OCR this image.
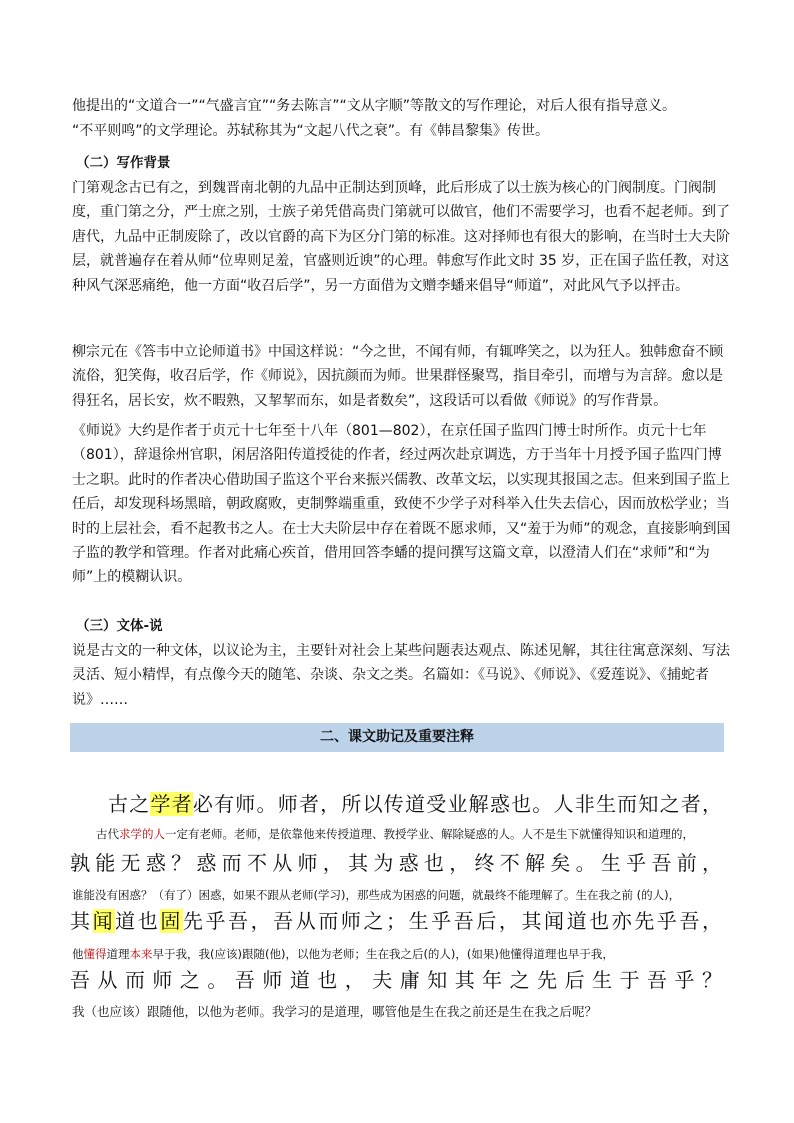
他提出的“文道合一”“气盛言宜”“务去陈言”“文从字顺”等散文的写作理论，对后人很有指导意义。

“不平则鸣”的文学理论。苏轼称其为“文起八代之衰”。有《韩昌黎集》传世。

（二）写作背景

门第观念古已有之，到魏晋南北朝的九品中正制达到顶峰，此后形成了以士族为核心的门阀制度。门阀制度，重门第之分，严士庶之别，士族子弟凭借高贵门第就可以做官，他们不需要学习，也看不起老师。到了唐代，九品中正制废除了，改以官爵的高下为区分门第的标准。这对择师也有很大的影响，在当时士大夫阶层，就普遍存在着从师“位卑则足羞，官盛则近谀”的心理。韩愈写作此文时 35 岁，正在国子监任教，对这种风气深恶痛绝，他一方面“收召后学”，另一方面借为文赠李蟠来倡导“师道”，对此风气予以抨击。

柳宗元在《答韦中立论师道书》中国这样说：“今之世，不闻有师，有辄哗笑之，以为狂人。独韩愈奋不顾流俗，犯笑侮，收召后学，作《师说》，因抗颜而为师。世果群怪聚骂，指目牵引，而增与为言辞。愈以是得狂名，居长安，炊不暇熟，又挈挈而东，如是者数矣”，这段话可以看做《师说》的写作背景。

《师说》大约是作者于贞元十七年至十八年（801—802），在京任国子监四门博士时所作。贞元十七年（801），辞退徐州官职，闲居洛阳传道授徒的作者，经过两次赴京调选，方于当年十月授予国子监四门博士之职。此时的作者决心借助国子监这个平台来振兴儒教、改革文坛，以实现其报国之志。但来到国子监上任后，却发现科场黑暗，朝政腐败，吏制弊端重重，致使不少学子对科举入仕失去信心，因而放松学业；当时的上层社会，看不起教书之人。在士大夫阶层中存在着既不愿求师，又“羞于为师”的观念，直接影响到国子监的教学和管理。作者对此痛心疾首，借用回答李蟠的提问撰写这篇文章，以澄清人们在“求师”和“为师”上的模糊认识。

（三）文体-说

说是古文的一种文体，以议论为主，主要针对社会上某些问题表达观点、陈述见解，其往往寓意深刻、写法灵活、短小精悍，有点像今天的随笔、杂谈、杂文之类。名篇如：《马说》、《师说》、《爱莲说》、《捕蛇者说》……

二、课文助记及重要注释

古之学者必有师。师者，所以传道受业解惑也。人非生而知之者，

古代求学的人一定有老师。老师，是依靠他来传授道理、教授学业、解除疑惑的人。人不是生下就懂得知识和道理的，

孰能无惑？惑而不从师，其为惑也，终不解矣。生乎吾前，

谁能没有困惑？（有了）困惑，如果不跟从老师(学习)，那些成为困惑的问题，就最终不能理解了。生在我之前 (的人)，

其闻道也固先乎吾，吾从而师之；生乎吾后，其闻道也亦先乎吾，

他懂得道理本来早于我，我(应该)跟随(他)，以他为老师；生在我之后(的人)，(如果)他懂得道理也早于我，

吾从而师之。吾师道也，夫庸知其年之先后生于吾乎？

我（也应该）跟随他，以他为老师。我学习的是道理，哪管他是生在我之前还是生在我之后呢？
